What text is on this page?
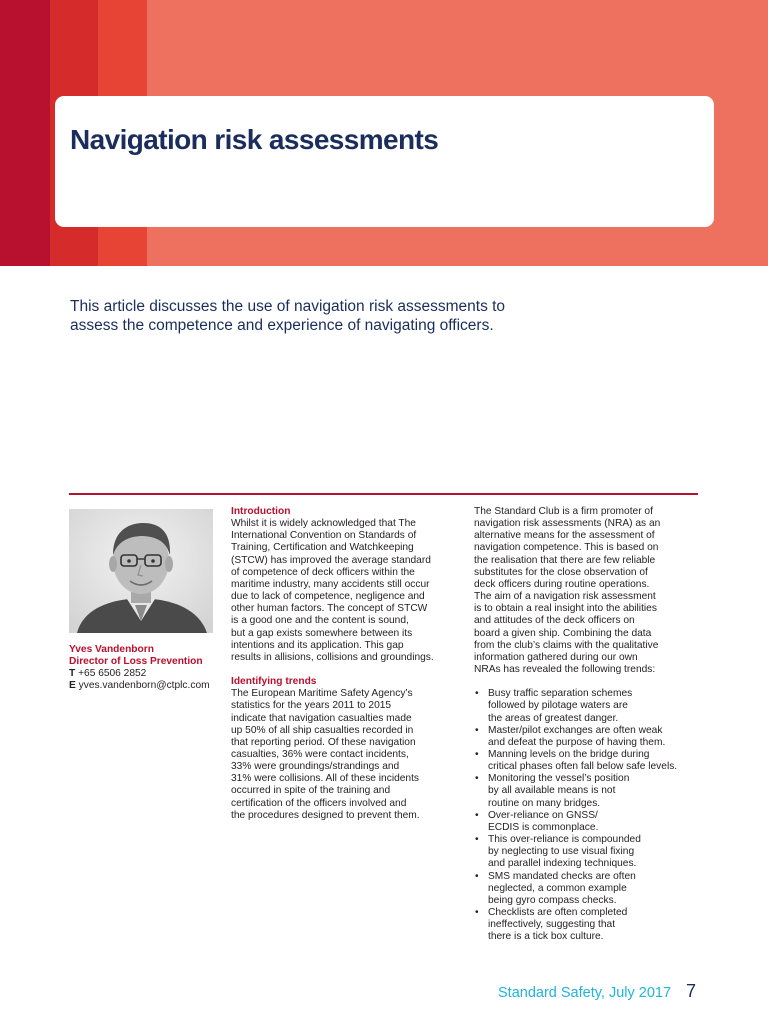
Navigation risk assessments
This article discusses the use of navigation risk assessments to
assess the competence and experience of navigating officers.
Yves Vandenborn
Director of Loss Prevention
T +65 6506 2852
E yves.vandenborn@ctplc.com

Introduction

Whilst it is widely acknowledged that The

International Convention on Standards of

Training, Certification and Watchkeeping

(STCW) has improved the average standard

of competence of deck officers within the

maritime industry, many accidents still occur

due to lack of competence, negligence and

other human factors. The concept of STCW

is a good one and the content is sound,

but a gap exists somewhere between its

intentions and its application. This gap

results in allisions, collisions and groundings.

Identifying trends

The European Maritime Safety Agency’s

statistics for the years 2011 to 2015

indicate that navigation casualties made

up 50% of all ship casualties recorded in

that reporting period. Of these navigation

casualties, 36% were contact incidents,

33% were groundings/strandings and

31% were collisions. All of these incidents

occurred in spite of the training and

certification of the officers involved and

the procedures designed to prevent them.

The Standard Club is a firm promoter of

navigation risk assessments (NRA) as an

alternative means for the assessment of

navigation competence. This is based on

the realisation that there are few reliable

substitutes for the close observation of

deck officers during routine operations.

The aim of a navigation risk assessment

is to obtain a real insight into the abilities

and attitudes of the deck officers on

board a given ship. Combining the data

from the club’s claims with the qualitative

information gathered during our own

NRAs has revealed the following trends:

• Busy traffic separation schemes
followed by pilotage waters are
the areas of greatest danger.
• Master/pilot exchanges are often weak
and defeat the purpose of having them.
• Manning levels on the bridge during
critical phases often fall below safe levels.
• Monitoring the vessel’s position
by all available means is not
routine on many bridges.
• Over-reliance on GNSS/
ECDIS is commonplace.
• This over-reliance is compounded
by neglecting to use visual fixing
and parallel indexing techniques.
• SMS mandated checks are often
neglected, a common example
being gyro compass checks.
• Checklists are often completed
ineffectively, suggesting that
there is a tick box culture.
Standard Safety, July 2017 7
